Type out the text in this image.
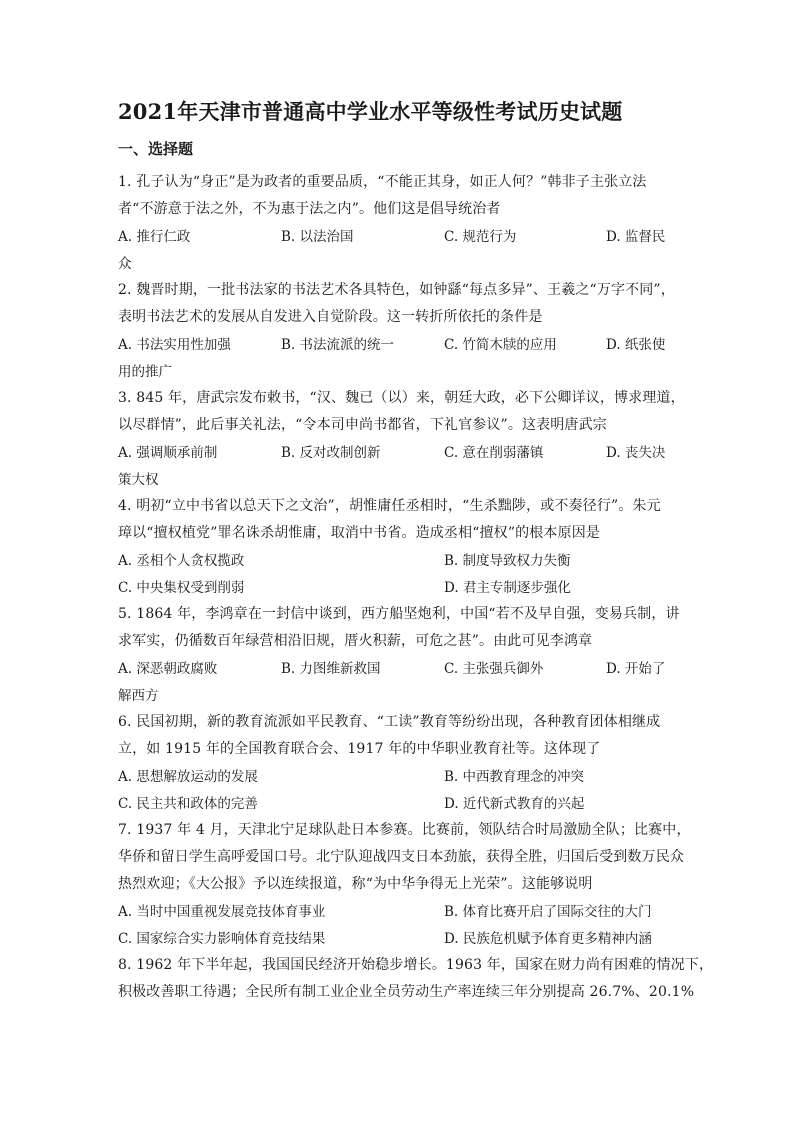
2021年天津市普通高中学业水平等级性考试历史试题
一、选择题
1. 孔子认为“身正”是为政者的重要品质，“不能正其身，如正人何？”韩非子主张立法
者“不游意于法之外，不为惠于法之内”。他们这是倡导统治者
A. 推行仁政	B. 以法治国	C. 规范行为	D. 监督民
众
2. 魏晋时期，一批书法家的书法艺术各具特色，如钟繇“每点多异”、王羲之“万字不同”，
表明书法艺术的发展从自发进入自觉阶段。这一转折所依托的条件是
A. 书法实用性加强	B. 书法流派的统一	C. 竹简木牍的应用	D. 纸张使
用的推广
3. 845 年，唐武宗发布敕书，“汉、魏已（以）来，朝廷大政，必下公卿详议，博求理道，
以尽群情”，此后事关礼法，“令本司申尚书都省，下礼官参议”。这表明唐武宗
A. 强调顺承前制	B. 反对改制创新	C. 意在削弱藩镇	D. 丧失决
策大权
4. 明初“立中书省以总天下之文治”，胡惟庸任丞相时，“生杀黜陟，或不奏径行”。朱元
璋以“擅权植党”罪名诛杀胡惟庸，取消中书省。造成丞相“擅权”的根本原因是
A. 丞相个人贪权揽政	B. 制度导致权力失衡
C. 中央集权受到削弱	D. 君主专制逐步强化
5. 1864 年，李鸿章在一封信中谈到，西方船坚炮利，中国“若不及早自强，变易兵制，讲
求军实，仍循数百年绿营相沿旧规，厝火积薪，可危之甚”。由此可见李鸿章
A. 深恶朝政腐败	B. 力图维新救国	C. 主张强兵御外	D. 开始了
解西方
6. 民国初期，新的教育流派如平民教育、“工读”教育等纷纷出现，各种教育团体相继成
立，如 1915 年的全国教育联合会、1917 年的中华职业教育社等。这体现了
A. 思想解放运动的发展	B. 中西教育理念的冲突
C. 民主共和政体的完善	D. 近代新式教育的兴起
7. 1937 年 4 月，天津北宁足球队赴日本参赛。比赛前，领队结合时局激励全队；比赛中，
华侨和留日学生高呼爱国口号。北宁队迎战四支日本劲旅，获得全胜，归国后受到数万民众
热烈欢迎；《大公报》予以连续报道，称“为中华争得无上光荣”。这能够说明
A. 当时中国重视发展竞技体育事业	B. 体育比赛开启了国际交往的大门
C. 国家综合实力影响体育竞技结果	D. 民族危机赋予体育更多精神内涵
8. 1962 年下半年起，我国国民经济开始稳步增长。1963 年，国家在财力尚有困难的情况下，
积极改善职工待遇；全民所有制工业企业全员劳动生产率连续三年分别提高 26.7%、20.1%
